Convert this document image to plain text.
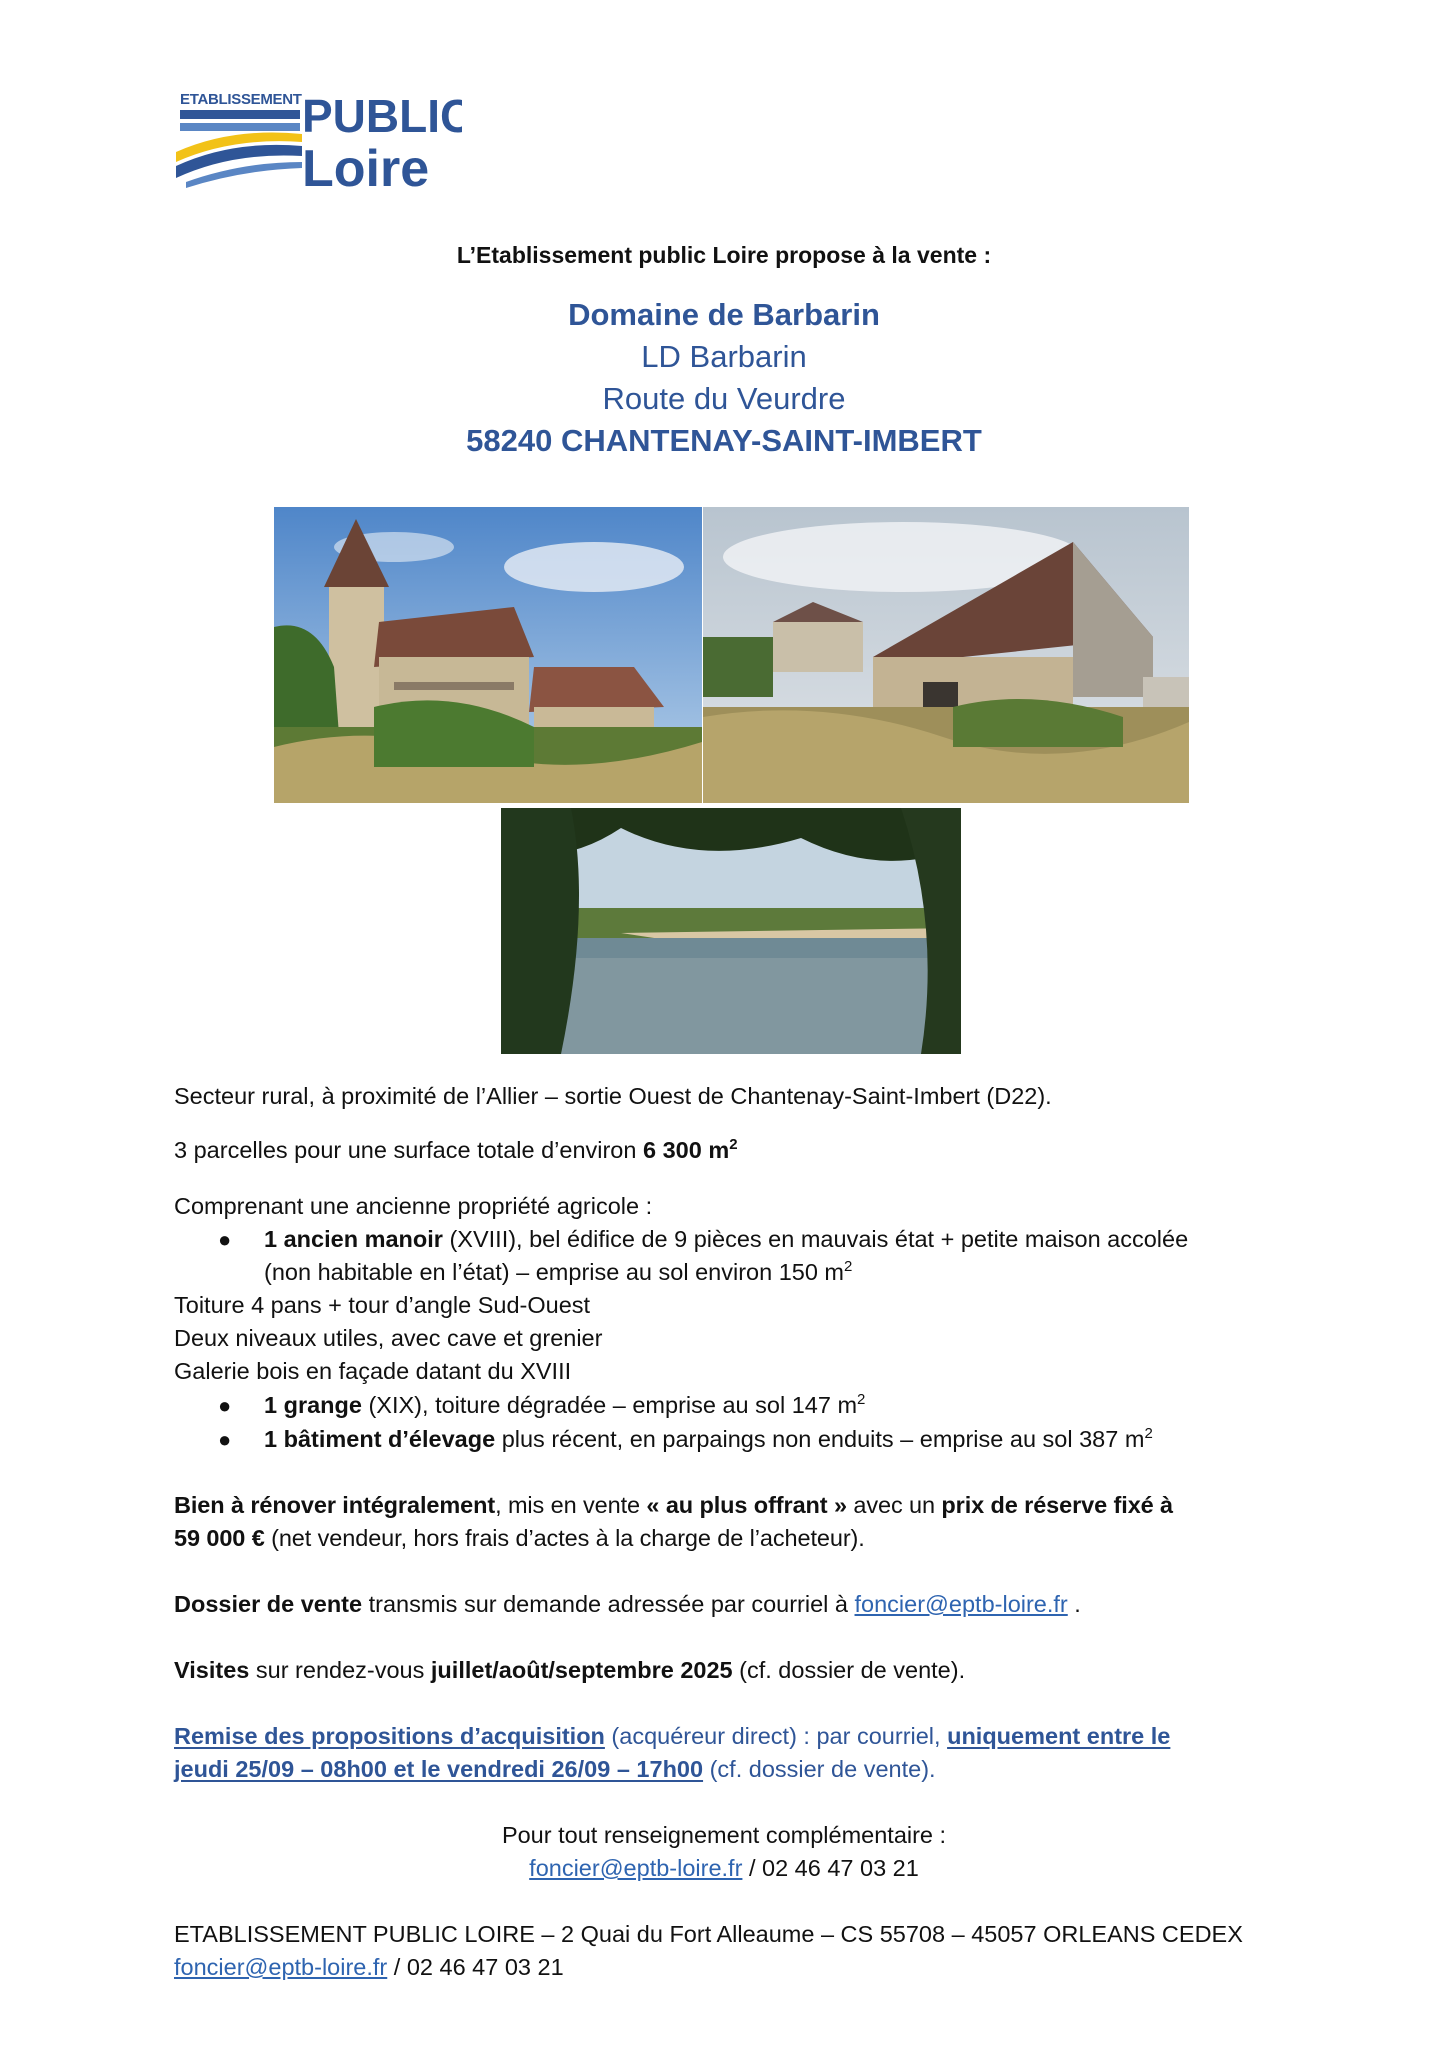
ETABLISSEMENT PUBLIC
Loire
L’Etablissement public Loire propose à la vente :
Domaine de Barbarin
LD Barbarin
Route du Veurdre
58240 CHANTENAY-SAINT-IMBERT
Secteur rural, à proximité de l’Allier – sortie Ouest de Chantenay-Saint-Imbert (D22).
3 parcelles pour une surface totale d’environ 6 300 $m^2$
Comprenant une ancienne propriété agricole :
● 1 ancien manoir (XVIII), bel édifice de 9 pièces en mauvais état + petite maison accolée
(non habitable en l’état) – emprise au sol environ 150 $m^2$
Toiture 4 pans + tour d’angle Sud-Ouest
Deux niveaux utiles, avec cave et grenier
Galerie bois en façade datant du XVIII
● 1 grange (XIX), toiture dégradée – emprise au sol 147 $m^2$
● 1 bâtiment d’élevage plus récent, en parpaings non enduits – emprise au sol 387 $m^2$
Bien à rénover intégralement, mis en vente « au plus offrant » avec un prix de réserve fixé à
59 000 € (net vendeur, hors frais d’actes à la charge de l’acheteur).
Dossier de vente transmis sur demande adressée par courriel à foncier@eptb-loire.fr .
Visites sur rendez-vous juillet/août/septembre 2025 (cf. dossier de vente).
Remise des propositions d’acquisition (acquéreur direct) : par courriel, uniquement entre le
jeudi 25/09 – 08h00 et le vendredi 26/09 – 17h00 (cf. dossier de vente).
Pour tout renseignement complémentaire :
foncier@eptb-loire.fr / 02 46 47 03 21
ETABLISSEMENT PUBLIC LOIRE – 2 Quai du Fort Alleaume – CS 55708 – 45057 ORLEANS CEDEX
foncier@eptb-loire.fr / 02 46 47 03 21
